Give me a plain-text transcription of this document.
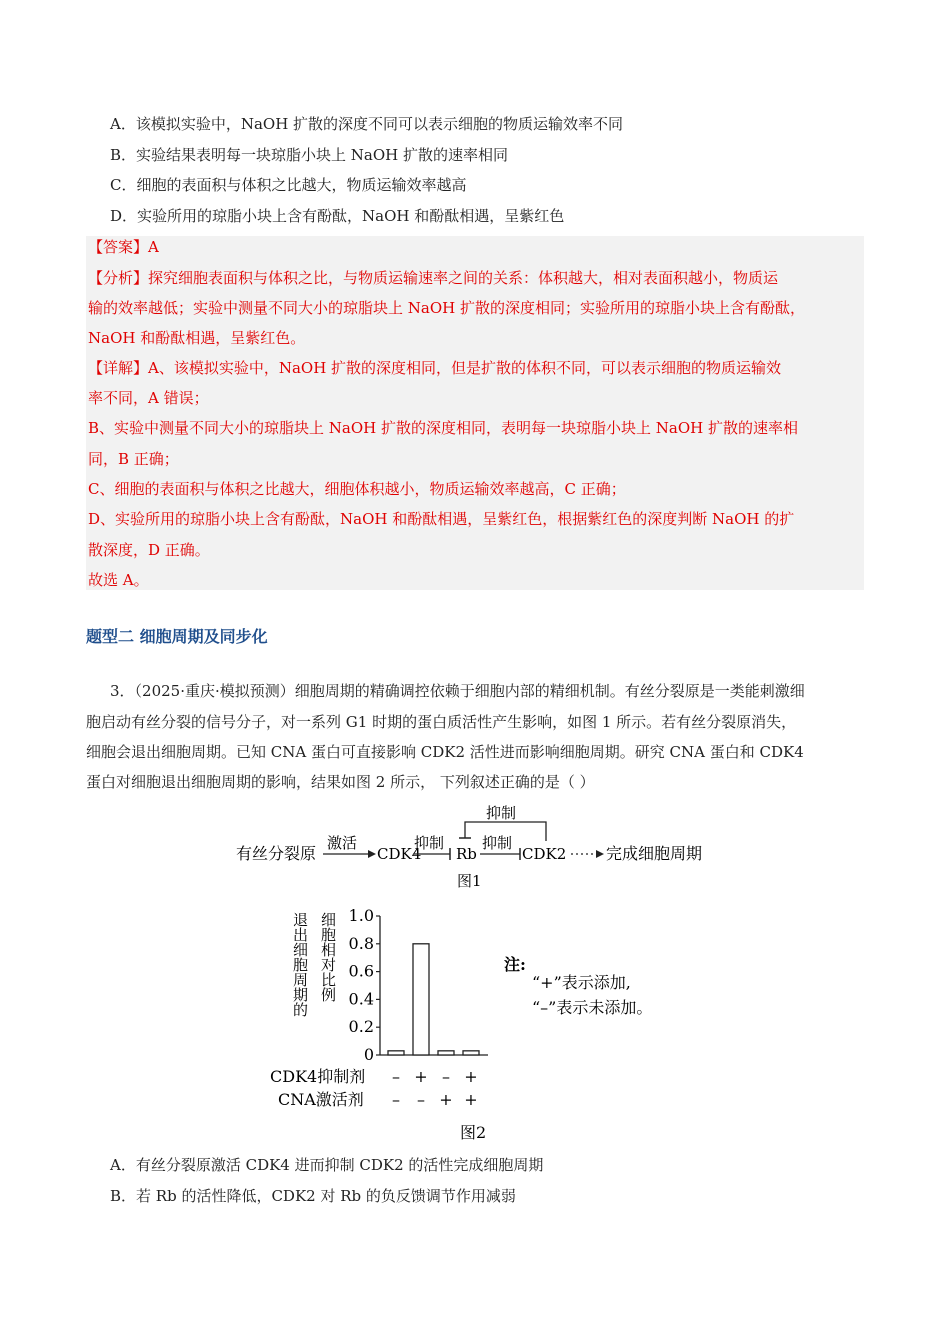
A．该模拟实验中，NaOH 扩散的深度不同可以表示细胞的物质运输效率不同
B．实验结果表明每一块琼脂小块上 NaOH 扩散的速率相同
C．细胞的表面积与体积之比越大，物质运输效率越高
D．实验所用的琼脂小块上含有酚酞，NaOH 和酚酞相遇，呈紫红色
【答案】A
【分析】探究细胞表面积与体积之比，与物质运输速率之间的关系：体积越大，相对表面积越小，物质运
输的效率越低；实验中测量不同大小的琼脂块上 NaOH 扩散的深度相同；实验所用的琼脂小块上含有酚酞，
NaOH 和酚酞相遇，呈紫红色。
【详解】A、该模拟实验中，NaOH 扩散的深度相同，但是扩散的体积不同，可以表示细胞的物质运输效
率不同，A 错误；
B、实验中测量不同大小的琼脂块上 NaOH 扩散的深度相同，表明每一块琼脂小块上 NaOH 扩散的速率相
同，B 正确；
C、细胞的表面积与体积之比越大，细胞体积越小，物质运输效率越高，C 正确；
D、实验所用的琼脂小块上含有酚酞，NaOH 和酚酞相遇，呈紫红色，根据紫红色的深度判断 NaOH 的扩
散深度，D 正确。
故选 A。
题型二 细胞周期及同步化
3．（2025·重庆·模拟预测）细胞周期的精确调控依赖于细胞内部的精细机制。有丝分裂原是一类能刺激细
胞启动有丝分裂的信号分子，对一系列 G1 时期的蛋白质活性产生影响，如图 1 所示。若有丝分裂原消失，
细胞会退出细胞周期。已知 CNA 蛋白可直接影响 CDK2 活性进而影响细胞周期。研究 CNA 蛋白和 CDK4
蛋白对细胞退出细胞周期的影响，结果如图 2 所示， 下列叙述正确的是（ ）
有丝分裂原
激活
CDK4
抑制
Rb
抑制
CDK2
抑制
完成细胞周期
图1
退出细胞周期的 细胞相对比例
0
0.2
0.4
0.6
0.8
1.0
–
–
+
–
–
+
+
+
注:
“+”表示添加,
“–”表示未添加。
CDK4抑制剂
CNA激活剂
图2
A．有丝分裂原激活 CDK4 进而抑制 CDK2 的活性完成细胞周期
B．若 Rb 的活性降低，CDK2 对 Rb 的负反馈调节作用减弱
